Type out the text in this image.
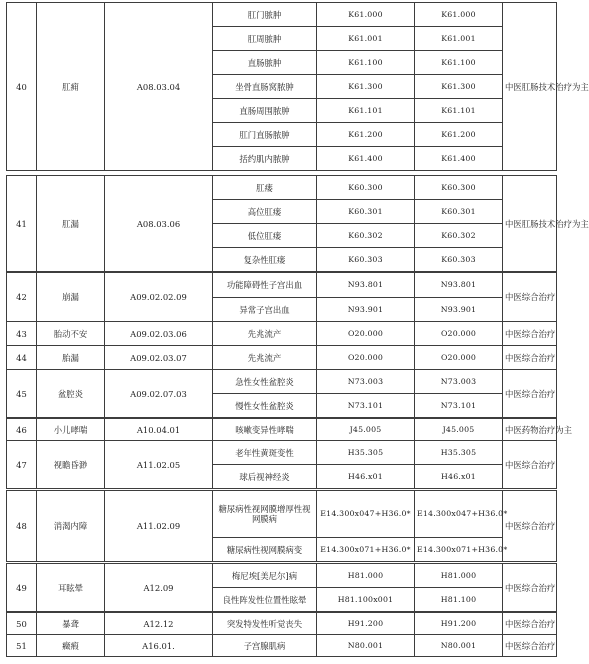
40	肛痈	A08.03.04	肛门脓肿	K61.000	K61.000	中医肛肠技术治疗为主	
			肛周脓肿	K61.001	K61.001		
			直肠脓肿	K61.100	K61.100		
			坐骨直肠窝脓肿	K61.300	K61.300		
			直肠周围脓肿	K61.101	K61.101		
			肛门直肠脓肿	K61.200	K61.200		
			括约肌内脓肿	K61.400	K61.400		
41	肛漏	A08.03.06	肛瘘	K60.300	K60.300	中医肛肠技术治疗为主	
			高位肛瘘	K60.301	K60.301		
			低位肛瘘	K60.302	K60.302		
			复杂性肛瘘	K60.303	K60.303		
42	崩漏	A09.02.02.09	功能障碍性子宫出血	N93.801	N93.801	中医综合治疗	
			异常子宫出血	N93.901	N93.901		
43	胎动不安	A09.02.03.06	先兆流产	O20.000	O20.000	中医综合治疗	
44	胎漏	A09.02.03.07	先兆流产	O20.000	O20.000	中医综合治疗	
45	盆腔炎	A09.02.07.03	急性女性盆腔炎	N73.003	N73.003	中医综合治疗	
			慢性女性盆腔炎	N73.101	N73.101		
46	小儿哮喘	A10.04.01	咳嗽变异性哮喘	J45.005	J45.005	中医药物治疗为主	
47	视瞻昏渺	A11.02.05	老年性黄斑变性	H35.305	H35.305	中医综合治疗	
			球后视神经炎	H46.x01	H46.x01		
48	消渴内障	A11.02.09	糖尿病性视网膜增厚性视网膜病	E14.300x047+H36.0*	E14.300x047+H36.0*	中医综合治疗	
			糖尿病性视网膜病变	E14.300x071+H36.0*	E14.300x071+H36.0*		
49	耳眩晕	A12.09	梅尼埃[美尼尔]病	H81.000	H81.000	中医综合治疗	
			良性阵发性位置性眩晕	H81.100x001	H81.100		
50	暴聋	A12.12	突发特发性听觉丧失	H91.200	H91.200	中医综合治疗	
51	癥瘕	A16.01.	子宫腺肌病	N80.001	N80.001	中医综合治疗	
